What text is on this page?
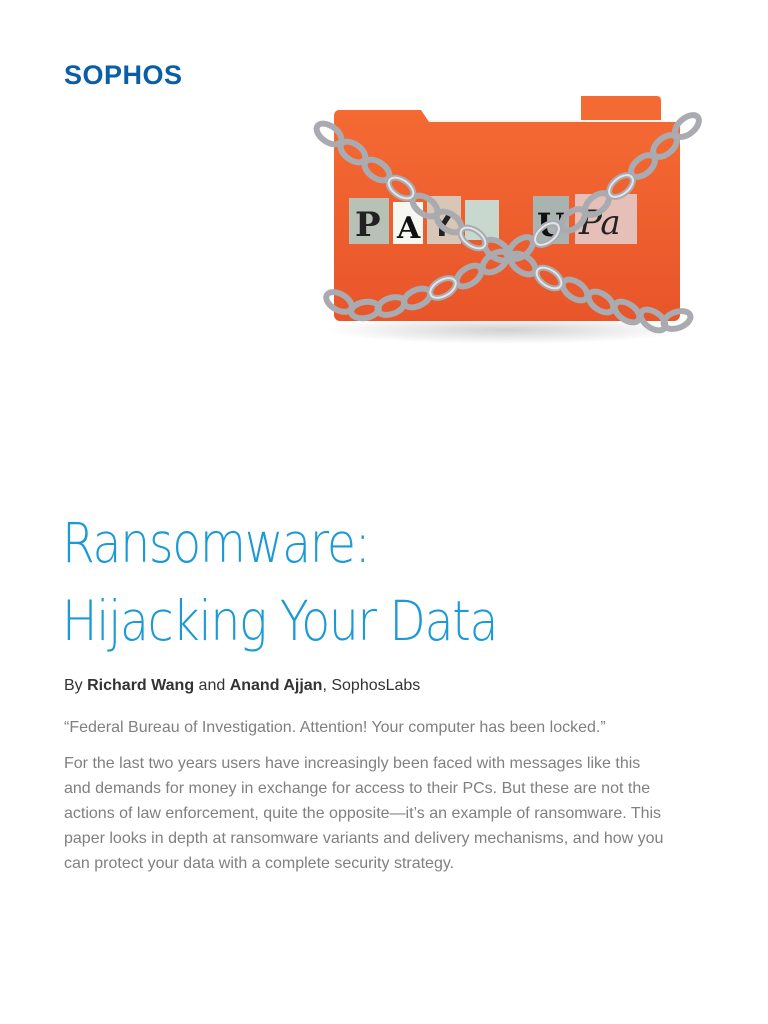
SOPHOS
P A Y	U Pa
Ransomware:
Hijacking Your Data
By Richard Wang and Anand Ajjan, SophosLabs

“Federal Bureau of Investigation. Attention! Your computer has been locked.”

For the last two years users have increasingly been faced with messages like this and demands for money in exchange for access to their PCs. But these are not the actions of law enforcement, quite the opposite—it’s an example of ransomware. This paper looks in depth at ransomware variants and delivery mechanisms, and how you can protect your data with a complete security strategy.
